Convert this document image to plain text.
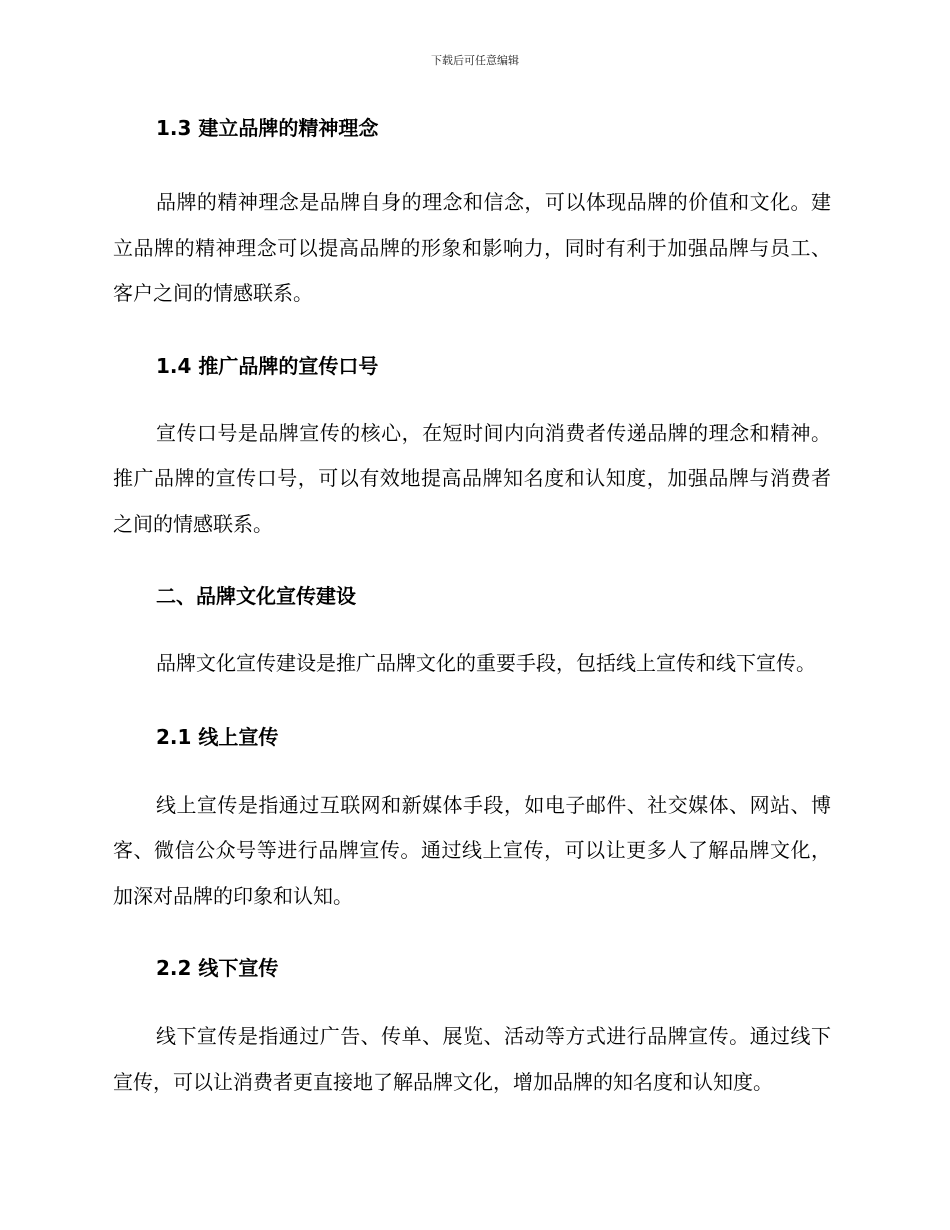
下载后可任意编辑
1.3 建立品牌的精神理念

品牌的精神理念是品牌自身的理念和信念，可以体现品牌的价值和文化。建立品牌的精神理念可以提高品牌的形象和影响力，同时有利于加强品牌与员工、客户之间的情感联系。

1.4 推广品牌的宣传口号

宣传口号是品牌宣传的核心，在短时间内向消费者传递品牌的理念和精神。推广品牌的宣传口号，可以有效地提高品牌知名度和认知度，加强品牌与消费者之间的情感联系。

二、品牌文化宣传建设

品牌文化宣传建设是推广品牌文化的重要手段，包括线上宣传和线下宣传。

2.1 线上宣传

线上宣传是指通过互联网和新媒体手段，如电子邮件、社交媒体、网站、博客、微信公众号等进行品牌宣传。通过线上宣传，可以让更多人了解品牌文化，加深对品牌的印象和认知。

2.2 线下宣传

线下宣传是指通过广告、传单、展览、活动等方式进行品牌宣传。通过线下宣传，可以让消费者更直接地了解品牌文化，增加品牌的知名度和认知度。
